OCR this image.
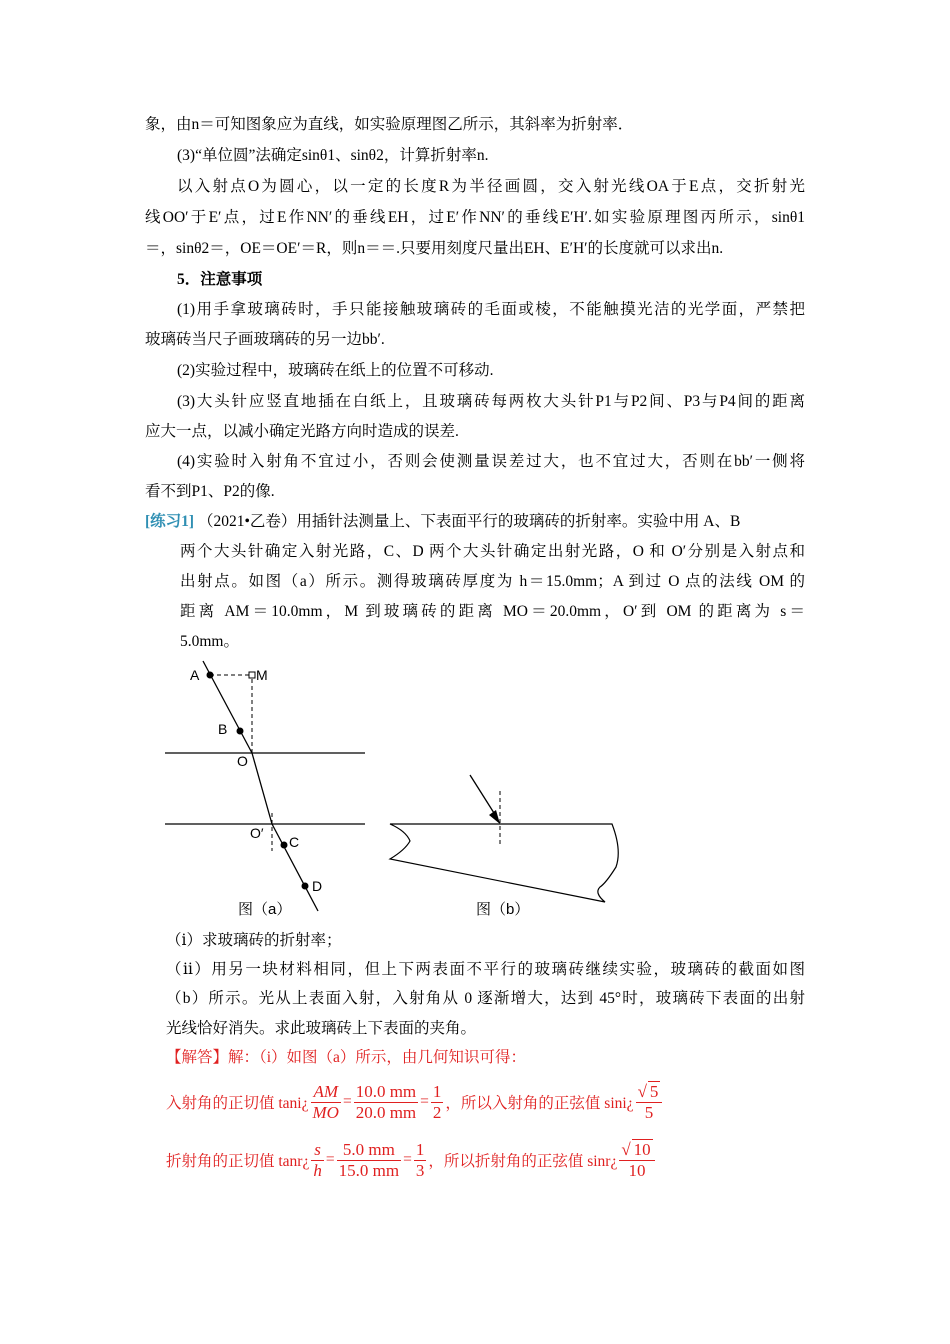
象，由n＝可知图象应为直线，如实验原理图乙所示，其斜率为折射率．
(3)“单位圆”法确定sinθ1、sinθ2，计算折射率n.
以入射点O为圆心，以一定的长度R为半径画圆，交入射光线OA于E点，交折射光
线OO′于E′点，过E作NN′的垂线EH，过E′作NN′的垂线E′H′.如实验原理图丙所示，sinθ1
＝，sinθ2＝，OE＝OE′＝R，则n＝＝.只要用刻度尺量出EH、E′H′的长度就可以求出n.
5．注意事项
(1)用手拿玻璃砖时，手只能接触玻璃砖的毛面或棱，不能触摸光洁的光学面，严禁把
玻璃砖当尺子画玻璃砖的另一边bb′.
(2)实验过程中，玻璃砖在纸上的位置不可移动.
(3)大头针应竖直地插在白纸上，且玻璃砖每两枚大头针P1与P2间、P3与P4间的距离
应大一点，以减小确定光路方向时造成的误差.
(4)实验时入射角不宜过小，否则会使测量误差过大，也不宜过大，否则在bb′一侧将
看不到P1、P2的像.
[练习1] （2021•乙卷）用插针法测量上、下表面平行的玻璃砖的折射率。实验中用 A、B
两个大头针确定入射光路，C、D 两个大头针确定出射光路，O 和 O′分别是入射点和
出射点。如图（a）所示。测得玻璃砖厚度为 h＝15.0mm；A 到过 O 点的法线 OM 的
距离 AM＝10.0mm，M 到玻璃砖的距离 MO＝20.0mm，O′到 OM 的距离为 s＝
5.0mm。
A	M
B
O
O′
C
D
图（a）	图（b）
（ⅰ）求玻璃砖的折射率；
（ⅱ）用另一块材料相同，但上下两表面不平行的玻璃砖继续实验，玻璃砖的截面如图
（b）所示。光从上表面入射，入射角从 0 逐渐增大，达到 45°时，玻璃砖下表面的出射
光线恰好消失。求此玻璃砖上下表面的夹角。
【解答】解：（i）如图（a）所示，由几何知识可得：
入射角的正切值 tani¿ $\frac{AM}{MO} = \frac{10.0 mm}{20.0 mm} = \frac{1}{2}$ ，所以入射角的正弦值 sini¿ $\frac{√ 5}{5}$
折射角的正切值 tanr¿ $\frac{s}{h} = \frac{5.0 mm}{15.0 mm} = \frac{1}{3}$ ，所以折射角的正弦值 sinr¿ $\frac{√ 10}{10}$
